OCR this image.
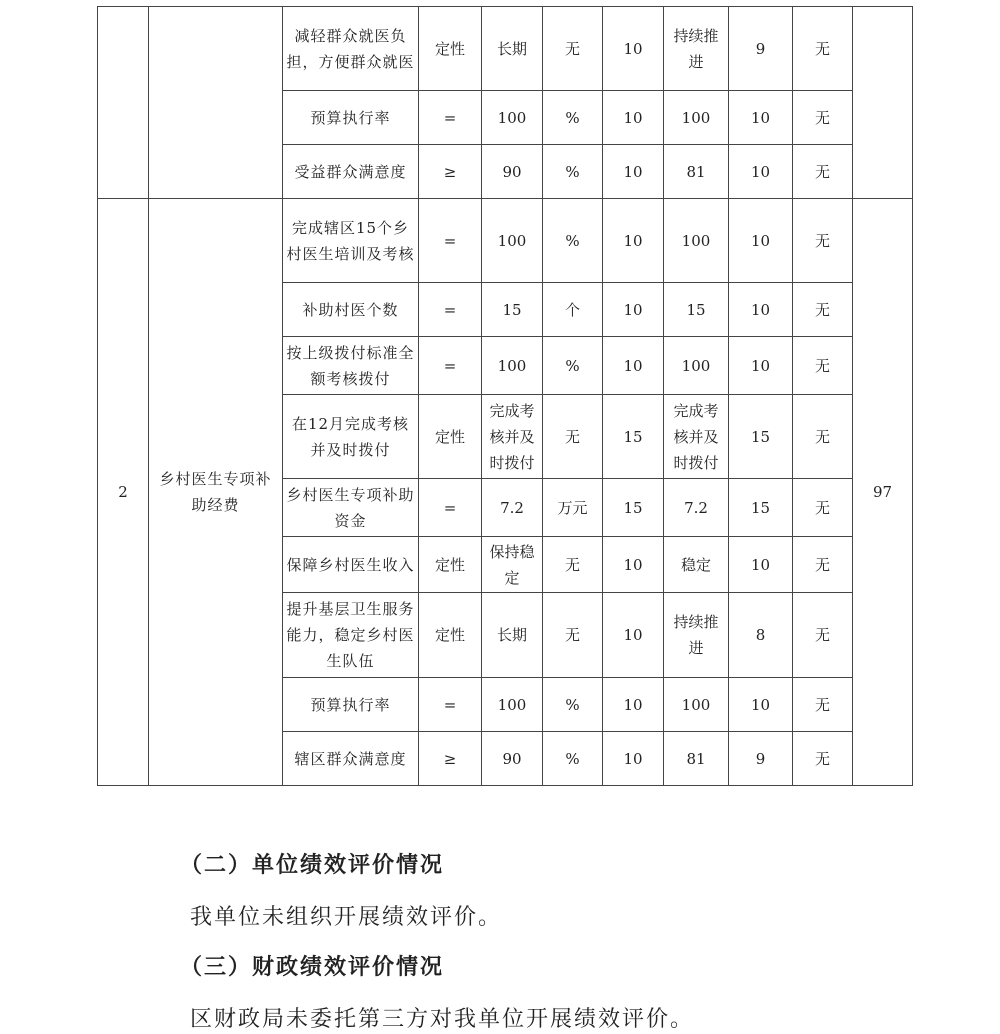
		减轻群众就医负担，方便群众就医	定性	长期	无	10	持续推进	9	无	
		预算执行率	=	100	%	10	100	10	无	
		受益群众满意度	≥	90	%	10	81	10	无	
2	乡村医生专项补助经费	完成辖区15个乡村医生培训及考核	=	100	%	10	100	10	无	97
		补助村医个数	=	15	个	10	15	10	无	
		按上级拨付标准全额考核拨付	=	100	%	10	100	10	无	
		在12月完成考核并及时拨付	定性	完成考核并及时拨付	无	15	完成考核并及时拨付	15	无	
		乡村医生专项补助资金	=	7.2	万元	15	7.2	15	无	
		保障乡村医生收入	定性	保持稳定	无	10	稳定	10	无	
		提升基层卫生服务能力，稳定乡村医生队伍	定性	长期	无	10	持续推进	8	无	
		预算执行率	=	100	%	10	100	10	无	
		辖区群众满意度	≥	90	%	10	81	9	无	
（二）单位绩效评价情况
我单位未组织开展绩效评价。
（三）财政绩效评价情况
区财政局未委托第三方对我单位开展绩效评价。
